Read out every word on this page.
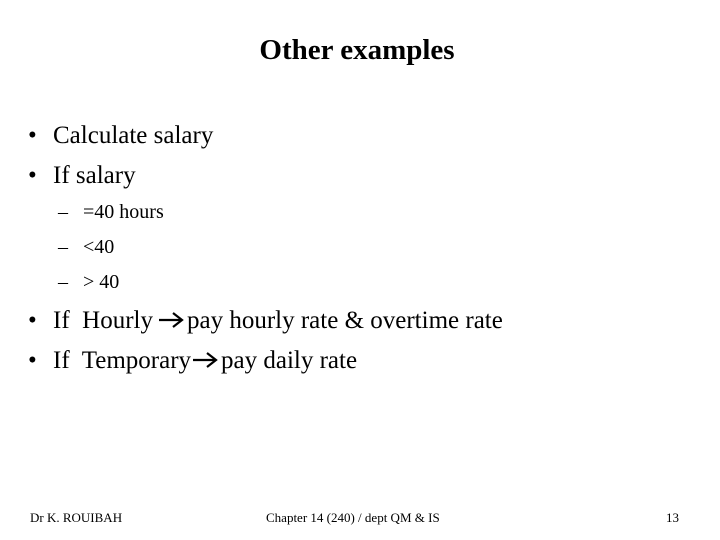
Other examples
• Calculate salary
• If salary
– =40 hours
– <40
– > 40
• If  Hourly pay hourly rate & overtime rate
• If  Temporary pay daily rate
Dr K. ROUIBAH	Chapter 14 (240) / dept QM & IS	13
